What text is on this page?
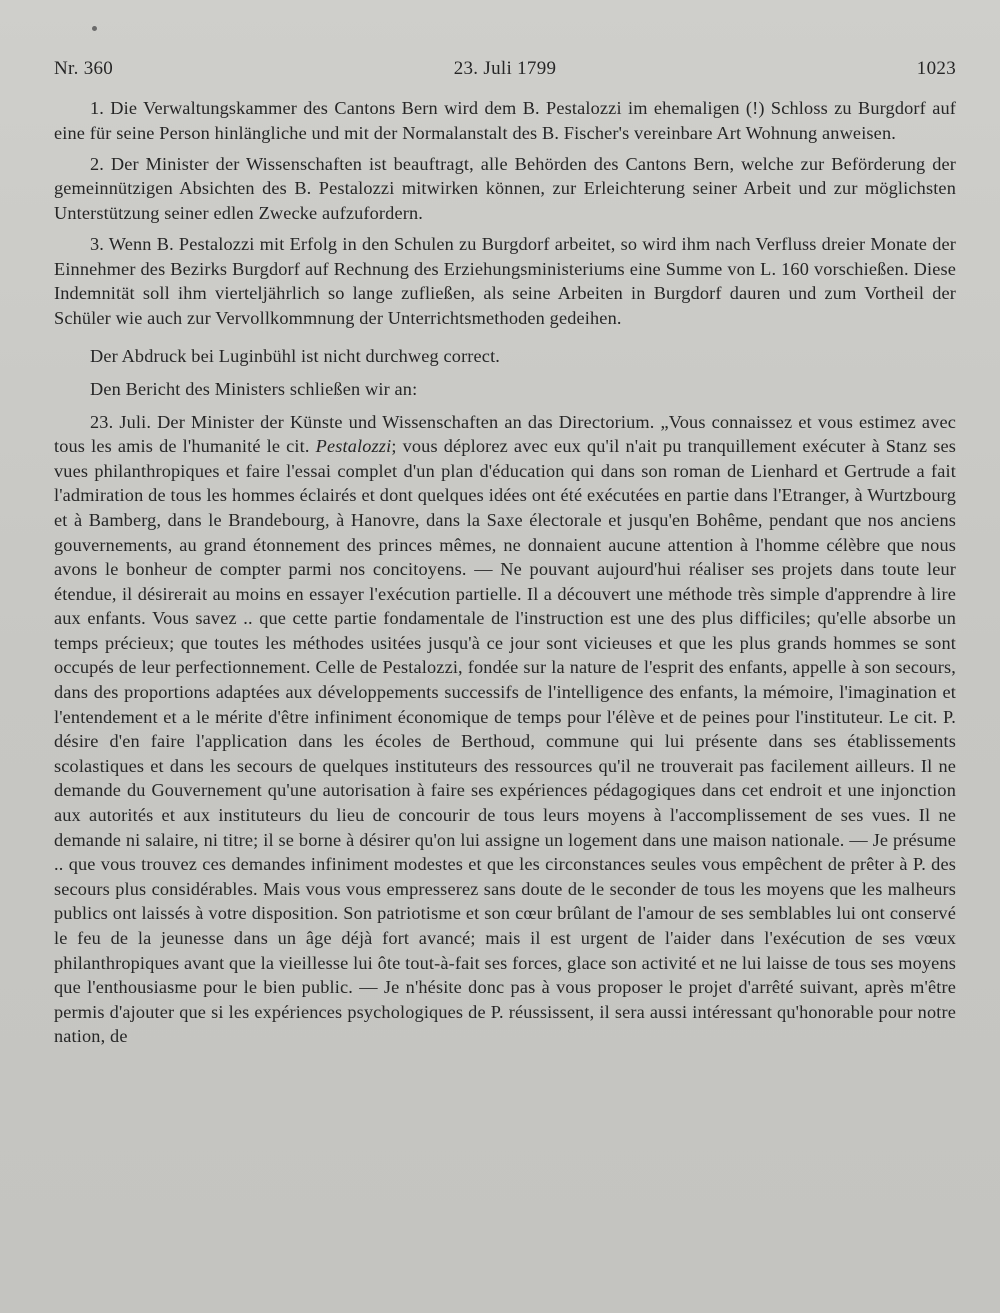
Nr. 360	23. Juli 1799	1023

1. Die Verwaltungskammer des Cantons Bern wird dem B. Pestalozzi im ehemaligen (!) Schloss zu Burgdorf auf eine für seine Person hinlängliche und mit der Normalanstalt des B. Fischer's vereinbare Art Wohnung anweisen.

2. Der Minister der Wissenschaften ist beauftragt, alle Behörden des Cantons Bern, welche zur Beförderung der gemeinnützigen Absichten des B. Pestalozzi mitwirken können, zur Erleichterung seiner Arbeit und zur möglichsten Unterstützung seiner edlen Zwecke aufzufordern.

3. Wenn B. Pestalozzi mit Erfolg in den Schulen zu Burgdorf arbeitet, so wird ihm nach Verfluss dreier Monate der Einnehmer des Bezirks Burgdorf auf Rechnung des Erziehungsministeriums eine Summe von L. 160 vorschießen. Diese Indemnität soll ihm vierteljährlich so lange zufließen, als seine Arbeiten in Burgdorf dauren und zum Vortheil der Schüler wie auch zur Vervollkommnung der Unterrichtsmethoden gedeihen.

Der Abdruck bei Luginbühl ist nicht durchweg correct.

Den Bericht des Ministers schließen wir an:

23. Juli. Der Minister der Künste und Wissenschaften an das Directorium. „Vous connaissez et vous estimez avec tous les amis de l'humanité le cit. Pestalozzi; vous déplorez avec eux qu'il n'ait pu tranquillement exécuter à Stanz ses vues philanthropiques et faire l'essai complet d'un plan d'éducation qui dans son roman de Lienhard et Gertrude a fait l'admiration de tous les hommes éclairés et dont quelques idées ont été exécutées en partie dans l'Etranger, à Wurtzbourg et à Bamberg, dans le Brandebourg, à Hanovre, dans la Saxe électorale et jusqu'en Bohême, pendant que nos anciens gouvernements, au grand étonnement des princes mêmes, ne donnaient aucune attention à l'homme célèbre que nous avons le bonheur de compter parmi nos concitoyens. — Ne pouvant aujourd'hui réaliser ses projets dans toute leur étendue, il désirerait au moins en essayer l'exécution partielle. Il a découvert une méthode très simple d'apprendre à lire aux enfants. Vous savez .. que cette partie fondamentale de l'instruction est une des plus difficiles; qu'elle absorbe un temps précieux; que toutes les méthodes usitées jusqu'à ce jour sont vicieuses et que les plus grands hommes se sont occupés de leur perfectionnement. Celle de Pestalozzi, fondée sur la nature de l'esprit des enfants, appelle à son secours, dans des proportions adaptées aux développements successifs de l'intelligence des enfants, la mémoire, l'imagination et l'entendement et a le mérite d'être infiniment économique de temps pour l'élève et de peines pour l'instituteur. Le cit. P. désire d'en faire l'application dans les écoles de Berthoud, commune qui lui présente dans ses établissements scolastiques et dans les secours de quelques instituteurs des ressources qu'il ne trouverait pas facilement ailleurs. Il ne demande du Gouvernement qu'une autorisation à faire ses expériences pédagogiques dans cet endroit et une injonction aux autorités et aux instituteurs du lieu de concourir de tous leurs moyens à l'accomplissement de ses vues. Il ne demande ni salaire, ni titre; il se borne à désirer qu'on lui assigne un logement dans une maison nationale. — Je présume .. que vous trouvez ces demandes infiniment modestes et que les circonstances seules vous empêchent de prêter à P. des secours plus considérables. Mais vous vous empresserez sans doute de le seconder de tous les moyens que les malheurs publics ont laissés à votre disposition. Son patriotisme et son cœur brûlant de l'amour de ses semblables lui ont conservé le feu de la jeunesse dans un âge déjà fort avancé; mais il est urgent de l'aider dans l'exécution de ses vœux philanthropiques avant que la vieillesse lui ôte tout-à-fait ses forces, glace son activité et ne lui laisse de tous ses moyens que l'enthousiasme pour le bien public. — Je n'hésite donc pas à vous proposer le projet d'arrêté suivant, après m'être permis d'ajouter que si les expériences psychologiques de P. réussissent, il sera aussi intéressant qu'honorable pour notre nation, de
